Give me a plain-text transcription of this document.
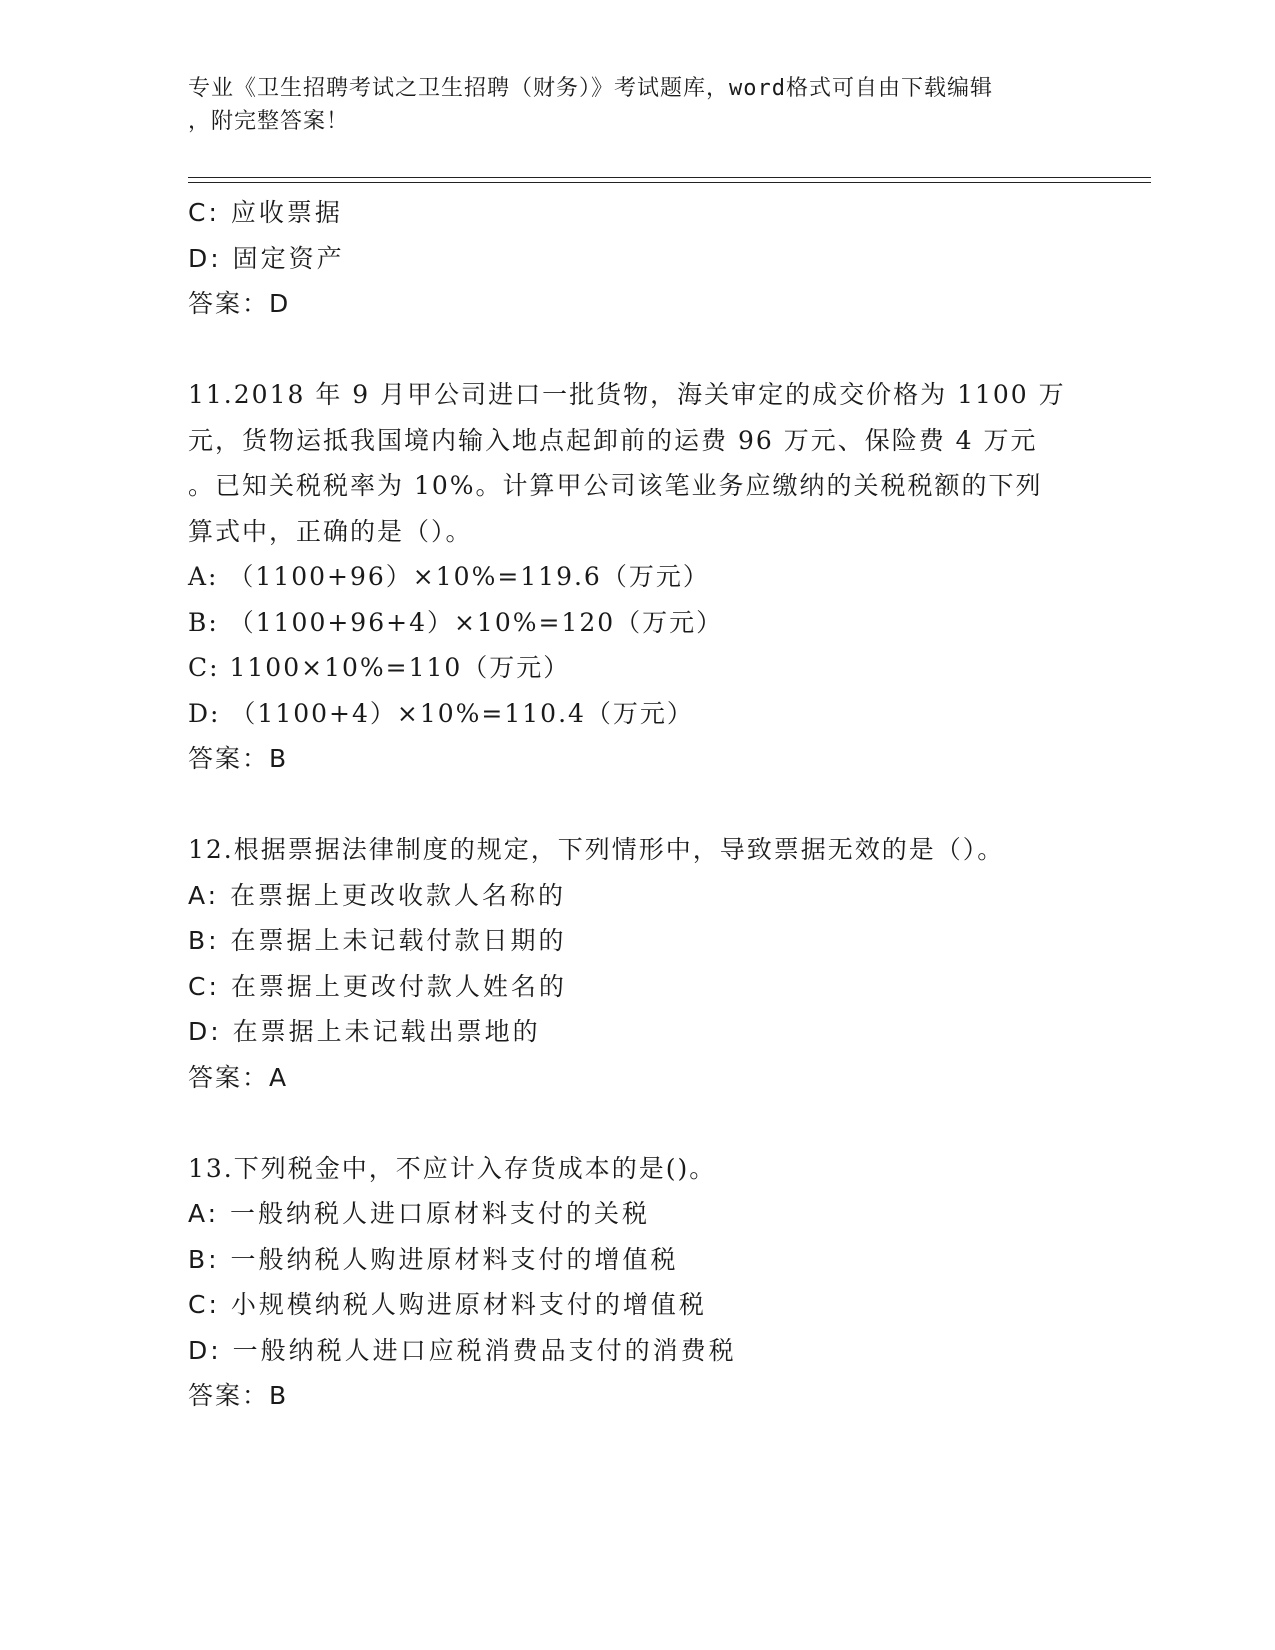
专业《卫生招聘考试之卫生招聘（财务）》考试题库，word格式可自由下载编辑
，附完整答案！
C: 应收票据
D: 固定资产
答案：D
11.2018 年 9 月甲公司进口一批货物，海关审定的成交价格为 1100 万
元，货物运抵我国境内输入地点起卸前的运费 96 万元、保险费 4 万元
。已知关税税率为 10%。计算甲公司该笔业务应缴纳的关税税额的下列
算式中，正确的是（）。
A: （1100+96）×10%=119.6（万元）
B: （1100+96+4）×10%=120（万元）
C: 1100×10%=110（万元）
D: （1100+4）×10%=110.4（万元）
答案：B
12.根据票据法律制度的规定，下列情形中，导致票据无效的是（）。
A: 在票据上更改收款人名称的
B: 在票据上未记载付款日期的
C: 在票据上更改付款人姓名的
D: 在票据上未记载出票地的
答案：A
13.下列税金中，不应计入存货成本的是()。
A: 一般纳税人进口原材料支付的关税
B: 一般纳税人购进原材料支付的增值税
C: 小规模纳税人购进原材料支付的增值税
D: 一般纳税人进口应税消费品支付的消费税
答案：B
